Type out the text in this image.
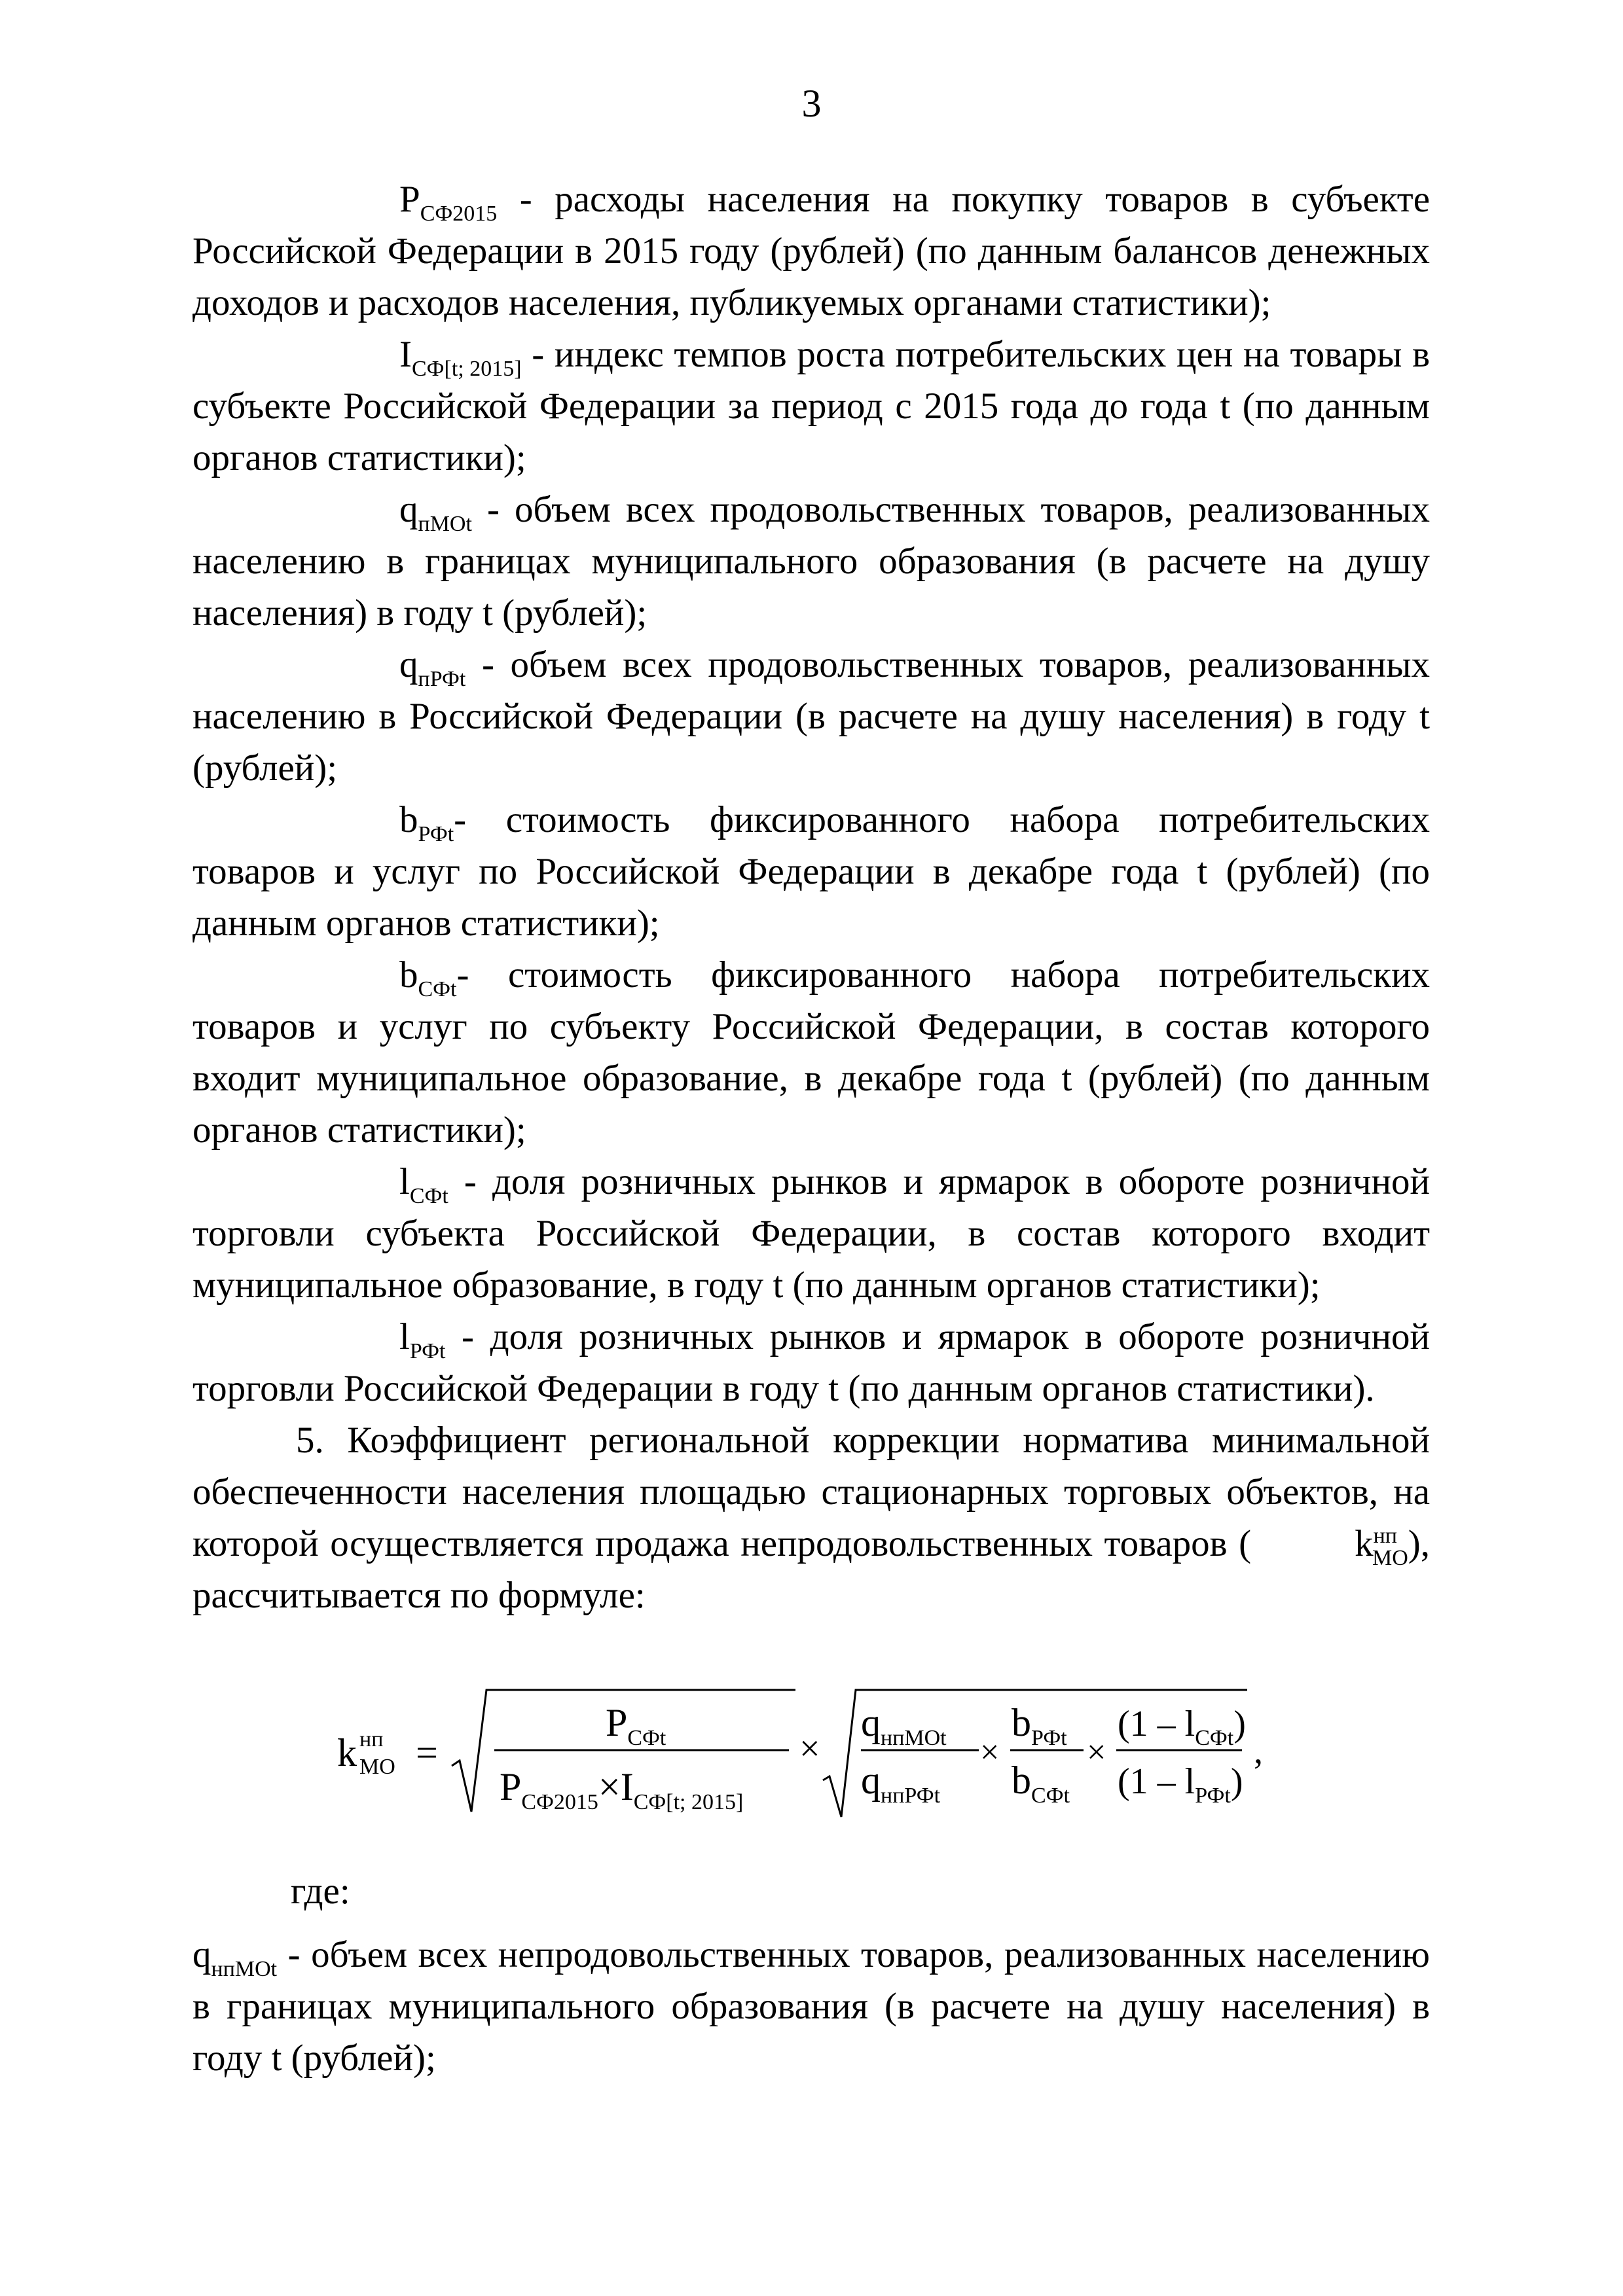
3

$P_{СФ2015}$ - расходы населения на покупку товаров в субъекте Российской Федерации в 2015 году (рублей) (по данным балансов денежных доходов и расходов населения, публикуемых органами статистики);

$I_{СФ[t; 2015]}$ - индекс темпов роста потребительских цен на товары в субъекте Российской Федерации за период с 2015 года до года t (по данным органов статистики);

$q_{пМОt}$ - объем всех продовольственных товаров, реализованных населению в границах муниципального образования (в расчете на душу населения) в году t (рублей);

$q_{пРФt}$ - объем всех продовольственных товаров, реализованных населению в Российской Федерации (в расчете на душу населения) в году t (рублей);

$b_{РФt}-$ стоимость фиксированного набора потребительских товаров и услуг по Российской Федерации в декабре года t (рублей) (по данным органов статистики);

$b_{СФt}-$ стоимость фиксированного набора потребительских товаров и услуг по субъекту Российской Федерации, в состав которого входит муниципальное образование, в декабре года t (рублей) (по данным органов статистики);

$l_{СФt}$ - доля розничных рынков и ярмарок в обороте розничной торговли субъекта Российской Федерации, в состав которого входит муниципальное образование, в году t (по данным органов статистики);

$l_{РФt}$ - доля розничных рынков и ярмарок в обороте розничной торговли Российской Федерации в году t (по данным органов статистики).

5. Коэффициент региональной коррекции норматива минимальной обеспеченности населения площадью стационарных торговых объектов, на которой осуществляется продажа непродовольственных товаров (	$k^{нп}_{МО}$), рассчитывается по формуле:

k нп
МО =
$P_{СФt}$
$P_{СФ2015}\times I_{СФ[t; 2015]}$
×
$q_{нпМОt}$
$q_{нпРФt}$
×
$b_{РФt}$
$b_{СФt}$
×
$(1 - l_{СФt})$
$(1 - l_{РФt})$
,

где:

$q_{нпМОt}$ - объем всех непродовольственных товаров, реализованных населению в границах муниципального образования (в расчете на душу населения) в году t (рублей);
